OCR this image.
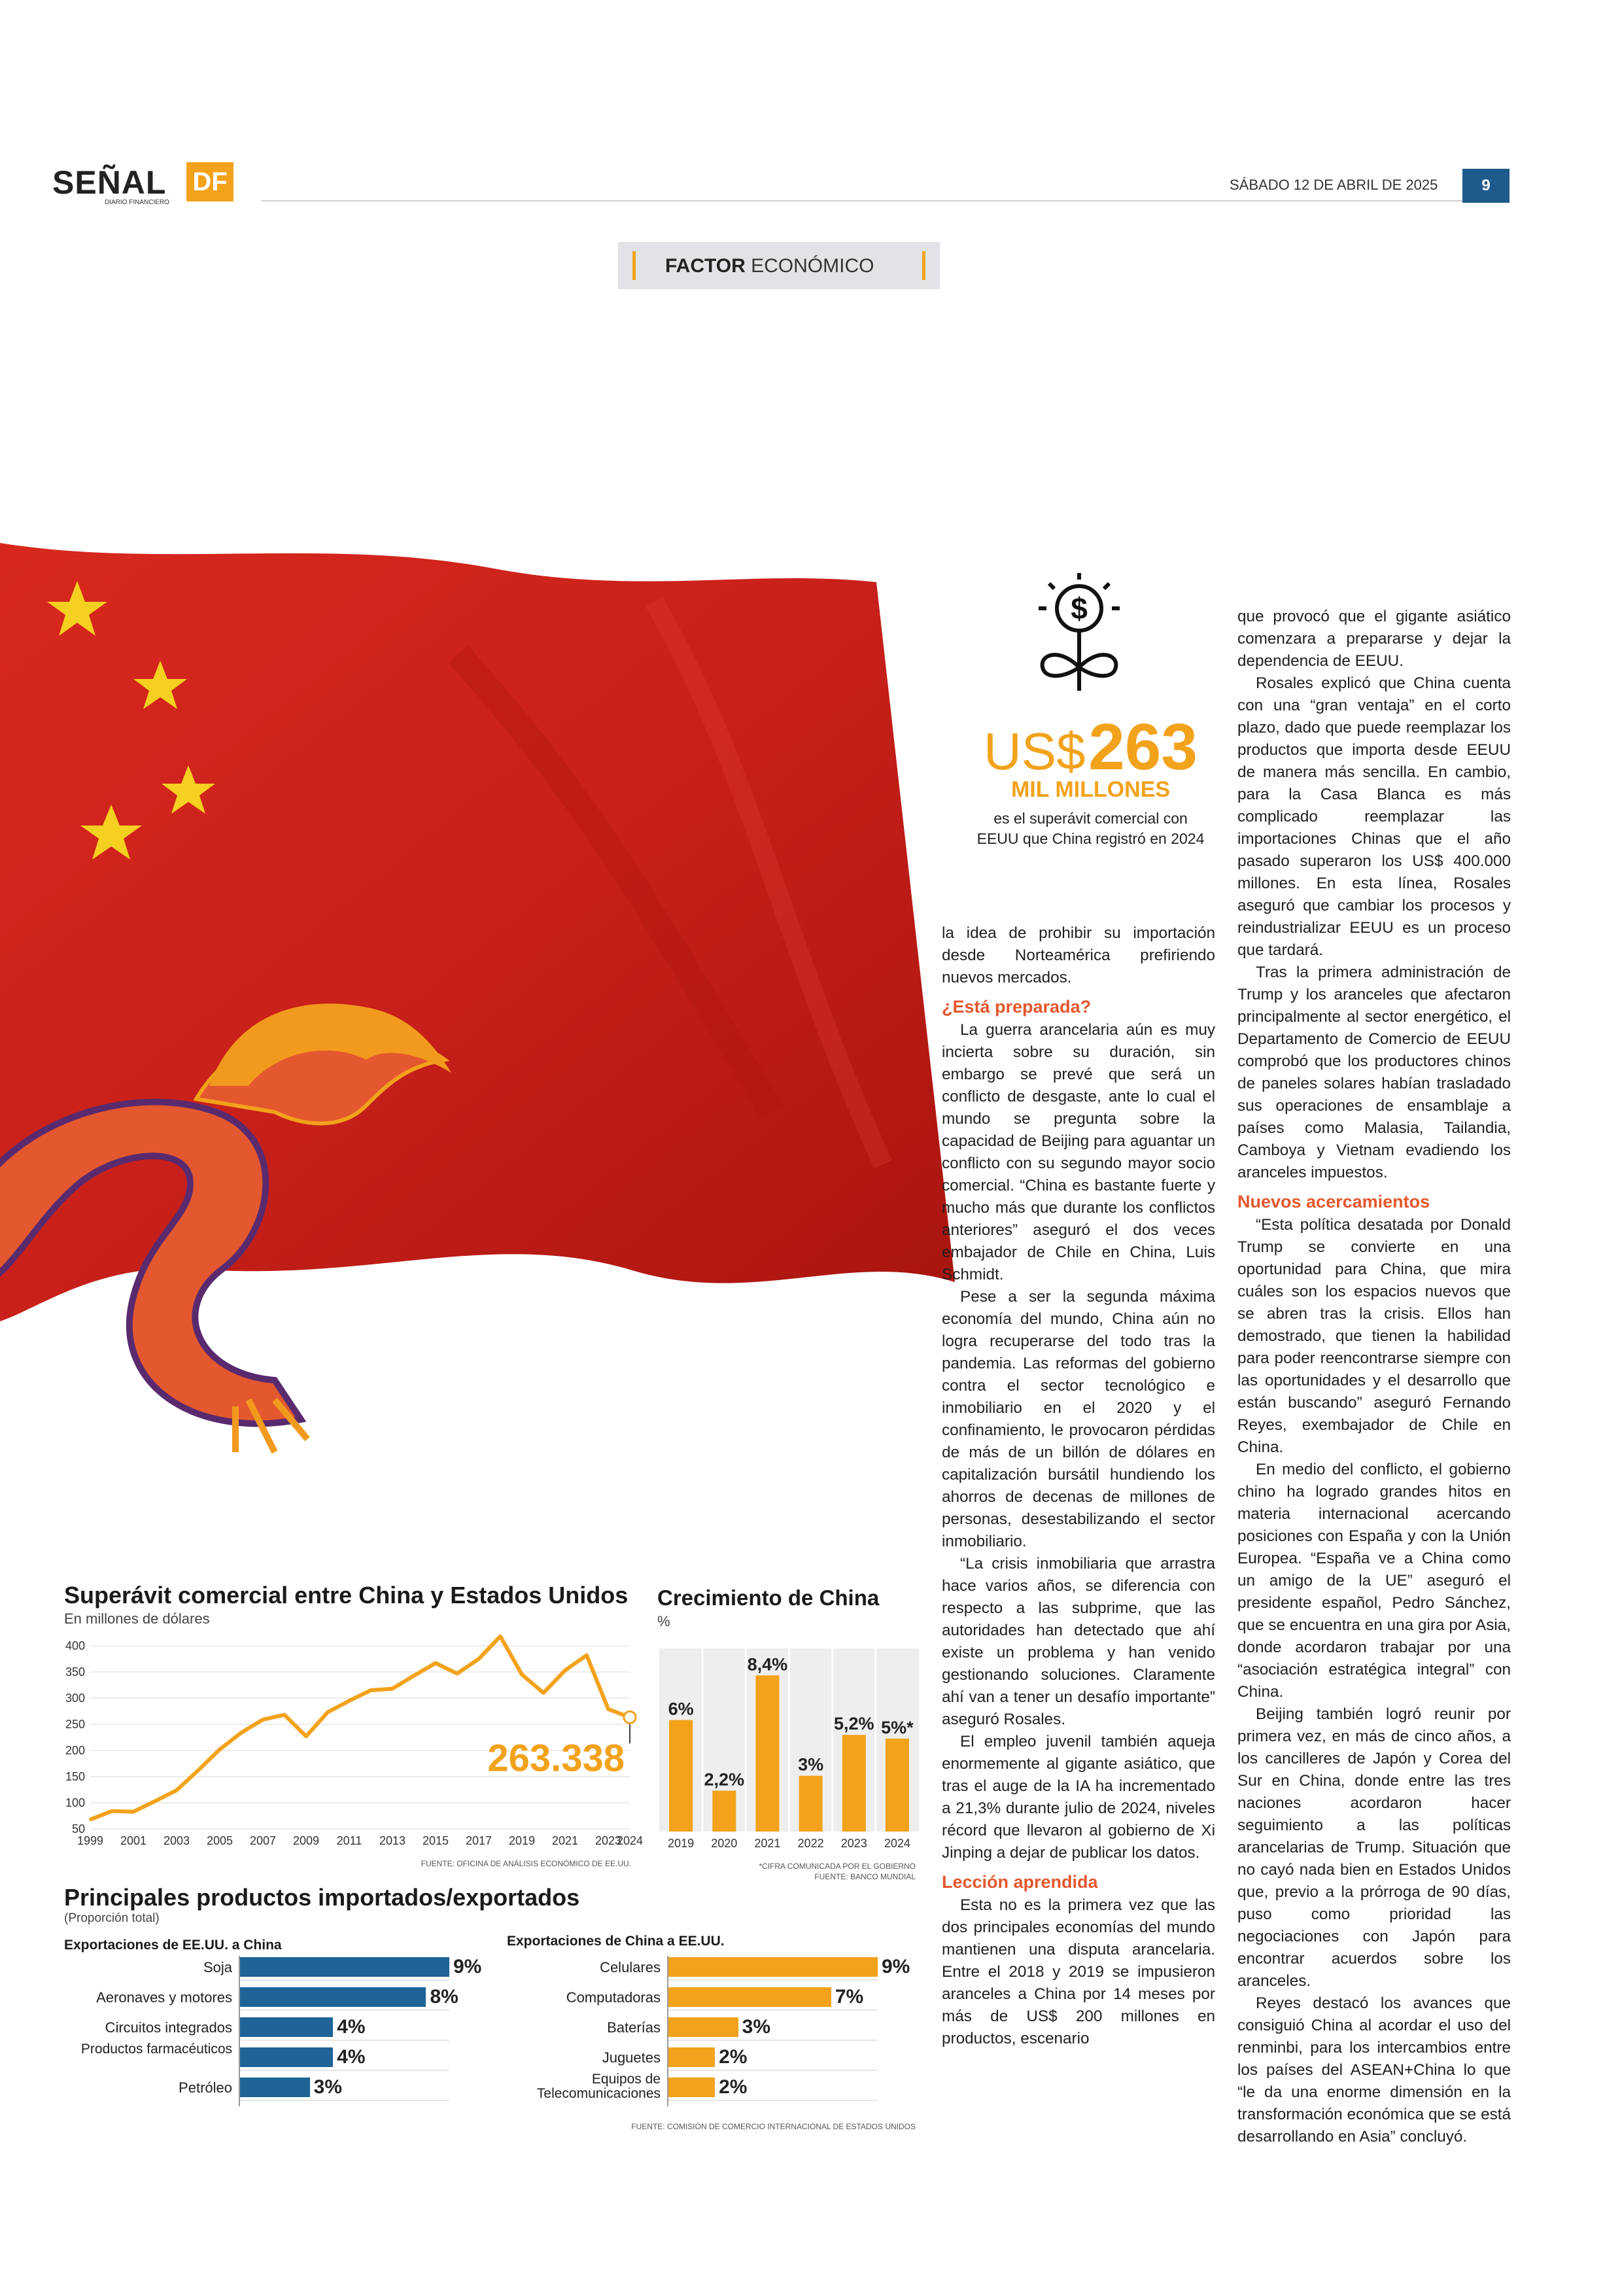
SEÑAL DF
DIARIO FINANCIERO
SÁBADO 12 DE ABRIL DE 2025	9
FACTOR ECONÓMICO
$
US$ 263
MIL MILLONES
es el superávit comercial con EEUU que China registró en 2024

la idea de prohibir su importación desde Norteamérica prefiriendo nuevos mercados.

¿Está preparada?

La guerra arancelaria aún es muy incierta sobre su duración, sin embargo se prevé que será un conflicto de desgaste, ante lo cual el mundo se pregunta sobre la capacidad de Beijing para aguantar un conflicto con su segundo mayor socio comercial. “China es bastante fuerte y mucho más que durante los conflictos anteriores” aseguró el dos veces embajador de Chile en China, Luis Schmidt.

Pese a ser la segunda máxima economía del mundo, China aún no logra recuperarse del todo tras la pandemia. Las reformas del gobierno contra el sector tecnológico e inmobiliario en el 2020 y el confinamiento, le provocaron pérdidas de más de un billón de dólares en capitalización bursátil hundiendo los ahorros de decenas de millones de personas, desestabilizando el sector inmobiliario.

“La crisis inmobiliaria que arrastra hace varios años, se diferencia con respecto a las subprime, que las autoridades han detectado que ahí existe un problema y han venido gestionando soluciones. Claramente ahí van a tener un desafío importante” aseguró Rosales.

El empleo juvenil también aqueja enormemente al gigante asiático, que tras el auge de la IA ha incrementado a 21,3% durante julio de 2024, niveles récord que llevaron al gobierno de Xi Jinping a dejar de publicar los datos.

Lección aprendida

Esta no es la primera vez que las dos principales economías del mundo mantienen una disputa arancelaria. Entre el 2018 y 2019 se impusieron aranceles a China por 14 meses por más de US$ 200 millones en productos, escenario

que provocó que el gigante asiático comenzara a prepararse y dejar la dependencia de EEUU.

Rosales explicó que China cuenta con una “gran ventaja” en el corto plazo, dado que puede reemplazar los productos que importa desde EEUU de manera más sencilla. En cambio, para la Casa Blanca es más complicado reemplazar las importaciones Chinas que el año pasado superaron los US$ 400.000 millones. En esta línea, Rosales aseguró que cambiar los procesos y reindustrializar EEUU es un proceso que tardará.

Tras la primera administración de Trump y los aranceles que afectaron principalmente al sector energético, el Departamento de Comercio de EEUU comprobó que los productores chinos de paneles solares habían trasladado sus operaciones de ensamblaje a países como Malasia, Tailandia, Camboya y Vietnam evadiendo los aranceles impuestos.

Nuevos acercamientos

“Esta política desatada por Donald Trump se convierte en una oportunidad para China, que mira cuáles son los espacios nuevos que se abren tras la crisis. Ellos han demostrado, que tienen la habilidad para poder reencontrarse siempre con las oportunidades y el desarrollo que están buscando” aseguró Fernando Reyes, exembajador de Chile en China.

En medio del conflicto, el gobierno chino ha logrado grandes hitos en materia internacional acercando posiciones con España y con la Unión Europea. “España ve a China como un amigo de la UE” aseguró el presidente español, Pedro Sánchez, que se encuentra en una gira por Asia, donde acordaron trabajar por una “asociación estratégica integral” con China.

Beijing también logró reunir por primera vez, en más de cinco años, a los cancilleres de Japón y Corea del Sur en China, donde entre las tres naciones acordaron hacer seguimiento a las políticas arancelarias de Trump. Situación que no cayó nada bien en Estados Unidos que, previo a la prórroga de 90 días, puso como prioridad las negociaciones con Japón para encontrar acuerdos sobre los aranceles.

Reyes destacó los avances que consiguió China al acordar el uso del renminbi, para los intercambios entre los países del ASEAN+China lo que “le da una enorme dimensión en la transformación económica que se está desarrollando en Asia” concluyó.

Superávit comercial entre China y Estados Unidos
En millones de dólares
50
100
150
200
250
300
350
400
1999 2001 2003 2005 2007 2009 2011 2013 2015 2017 2019 2021 2023
2024
263.338
FUENTE: OFICINA DE ANÁLISIS ECONÓMICO DE EE.UU.
Crecimiento de China
%
6%
2019
2,2%
2020
8,4%
2021
3%
2022
5,2%
2023
5%*
2024
*CIFRA COMUNICADA POR EL GOBIERNO
FUENTE: BANCO MUNDIAL
Principales productos importados/exportados
(Proporción total)
Exportaciones de EE.UU. a China	Exportaciones de China a EE.UU.
Soja	9%
Aeronaves y motores	8%
Circuitos integrados	4%
Productos farmacéuticos	4%
Petróleo	3%
Celulares	9%
Computadoras	7%
Baterías	3%
Juguetes	2%
Equipos de Telecomunicaciones	2%
FUENTE: COMISIÓN DE COMERCIO INTERNACIONAL DE ESTADOS UNIDOS
